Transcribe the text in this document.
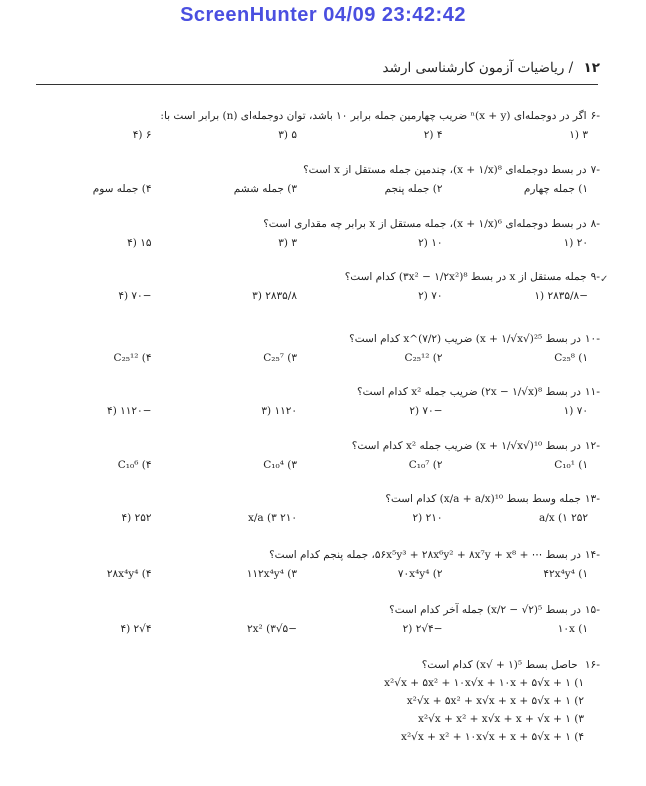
ScreenHunter 04/09 23:42:42
۱۲ / ریاضیات آزمون کارشناسی ارشد
✓
-۶اگر در دوجمله‌ای ⁿ(x + y) ضریب چهارمین جمله برابر ۱۰ باشد، توان دوجمله‌ای (n) برابر است با:
۳ (۱
۴ (۲
۵ (۳
۶ (۴
-۷در بسط دوجمله‌ای ⁸(x + ۱/x)، چندمین جمله مستقل از x است؟
۱) جمله چهارم
۲) جمله پنجم
۳) جمله ششم
۴) جمله سوم
-۸در بسط دوجمله‌ای ⁶(x + ۱/x)، جمله مستقل از x برابر چه مقداری است؟
۲۰ (۱
۱۰ (۲
۳ (۳
۱۵ (۴
-۹جمله مستقل از x در بسط ⁸(۳x² − ۱/۲x²) کدام است؟
−۲۸۳۵/۸ (۱
۷۰ (۲
۲۸۳۵/۸ (۳
−۷۰ (۴
-۱۰در بسط ²⁵(√x + ۱/√x) ضریب x^(۷/۲) کدام است؟
C₂₅⁸ (۱
C₂₅¹² (۲
C₂₅⁷ (۳
C₂₅¹² (۴
-۱۱در بسط ⁸(۲x − ۱/√x) ضریب جمله x² کدام است؟
۷۰ (۱
−۷۰ (۲
۱۱۲۰ (۳
−۱۱۲۰ (۴
-۱۲در بسط ¹⁰(√x + ۱/√x) ضریب جمله x² کدام است؟
C₁₀¹ (۱
C₁₀⁷ (۲
C₁₀⁴ (۳
C₁₀⁶ (۴
-۱۳جمله وسط بسط ¹⁰(x/a + a/x) کدام است؟
۲۵۲ a/x (۱
۲۱۰ (۲
۲۱۰ x/a (۳
۲۵۲ (۴
-۱۴در بسط ⋯ + ۵۶x⁵y³ + ۲۸x⁶y² + ۸x⁷y + x⁸، جمله پنجم کدام است؟
۴۲x⁴y⁴ (۱
۷۰x⁴y⁴ (۲
۱۱۲x⁴y⁴ (۳
۲۸x⁴y⁴ (۴
-۱۵در بسط ⁵(x/۲ − √۲) جمله آخر کدام است؟
۱۰x (۱
−۴√۲ (۲
−۵√۲x² (۳
۴√۲ (۴
-۱۶ حاصل بسط ⁵(۱ + √x) کدام است؟
x²√x + ۵x² + ۱۰x√x + ۱۰x + ۵√x + ۱ (۱
x²√x + ۵x² + x√x + x + ۵√x + ۱ (۲
x²√x + x² + x√x + x + √x + ۱ (۳
x²√x + x² + ۱۰x√x + x + ۵√x + ۱ (۴
